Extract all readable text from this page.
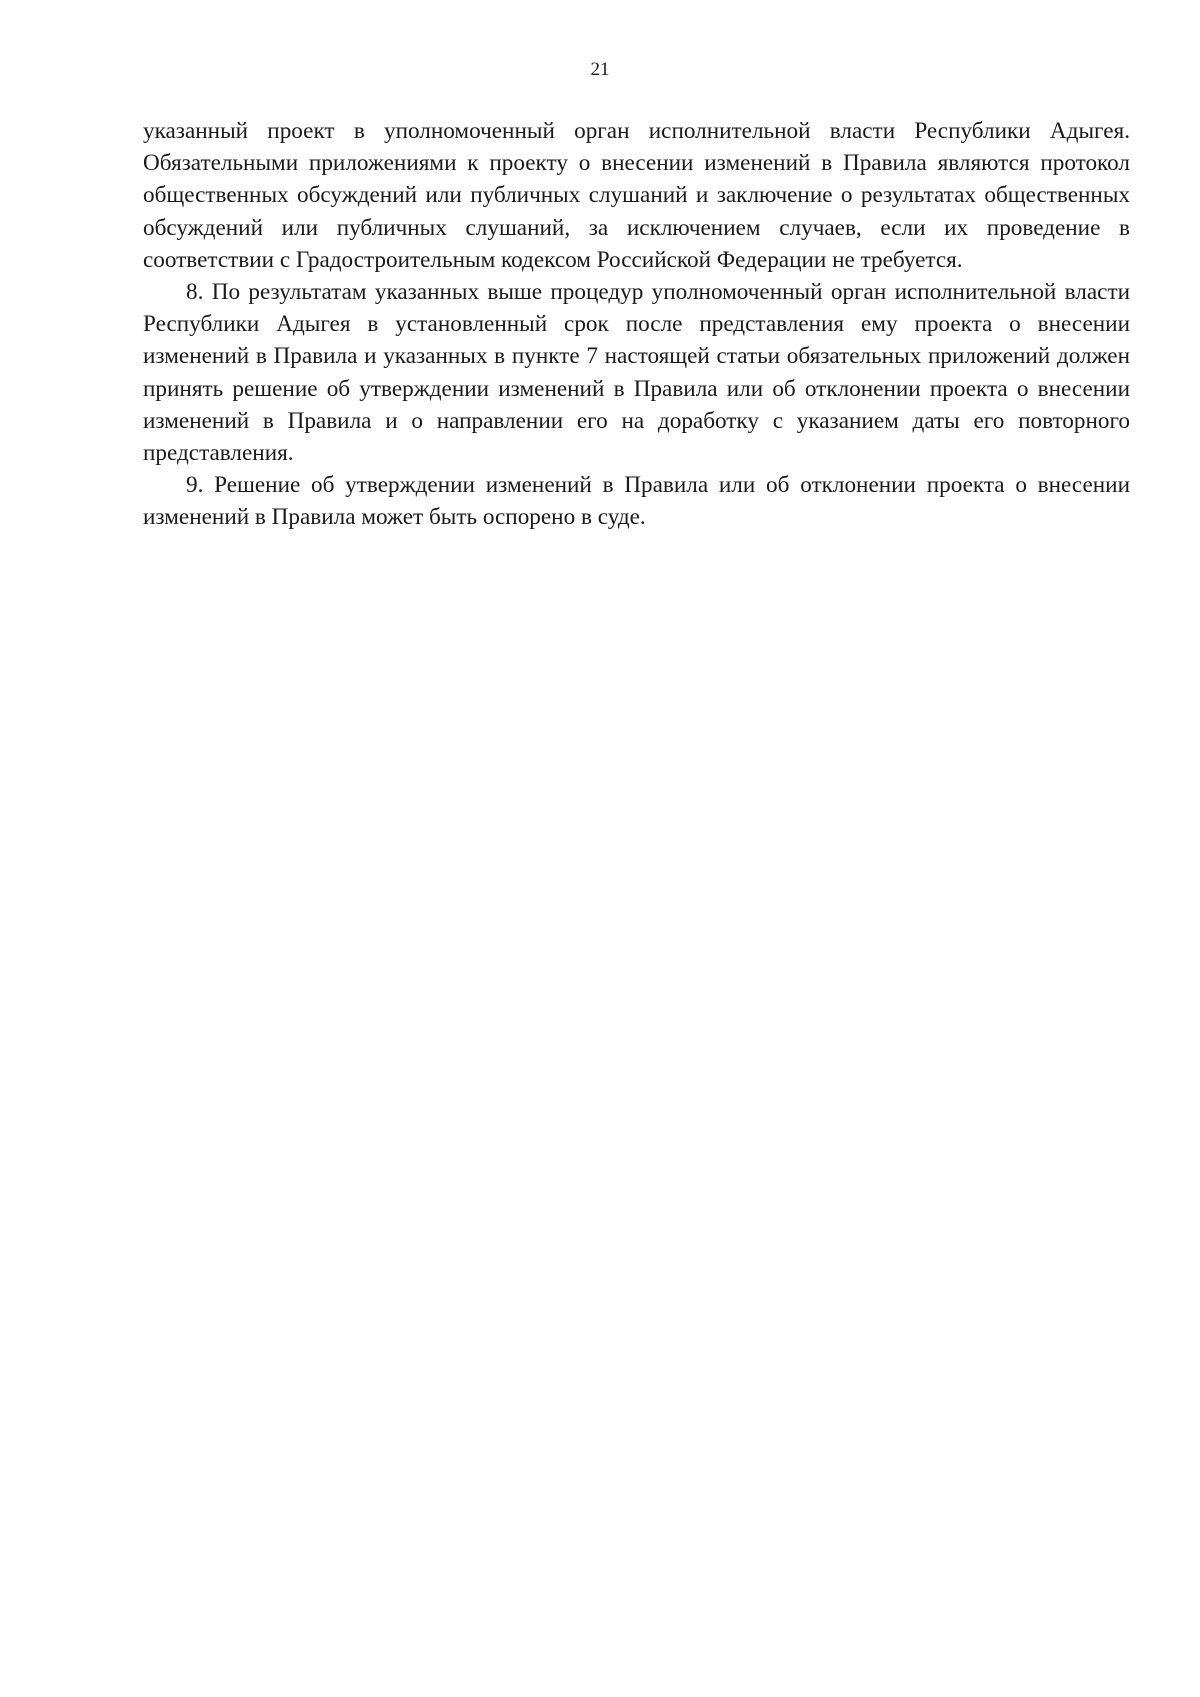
21

указанный проект в уполномоченный орган исполнительной власти Республики Адыгея. Обязательными приложениями к проекту о внесении изменений в Правила являются протокол общественных обсуждений или публичных слушаний и заключение о результатах общественных обсуждений или публичных слушаний, за исключением случаев, если их проведение в соответствии с Градостроительным кодексом Российской Федерации не требуется.

8. По результатам указанных выше процедур уполномоченный орган исполнительной власти Республики Адыгея в установленный срок после представления ему проекта о внесении изменений в Правила и указанных в пункте 7 настоящей статьи обязательных приложений должен принять решение об утверждении изменений в Правила или об отклонении проекта о внесении изменений в Правила и о направлении его на доработку с указанием даты его повторного представления.

9. Решение об утверждении изменений в Правила или об отклонении проекта о внесении изменений в Правила может быть оспорено в суде.
